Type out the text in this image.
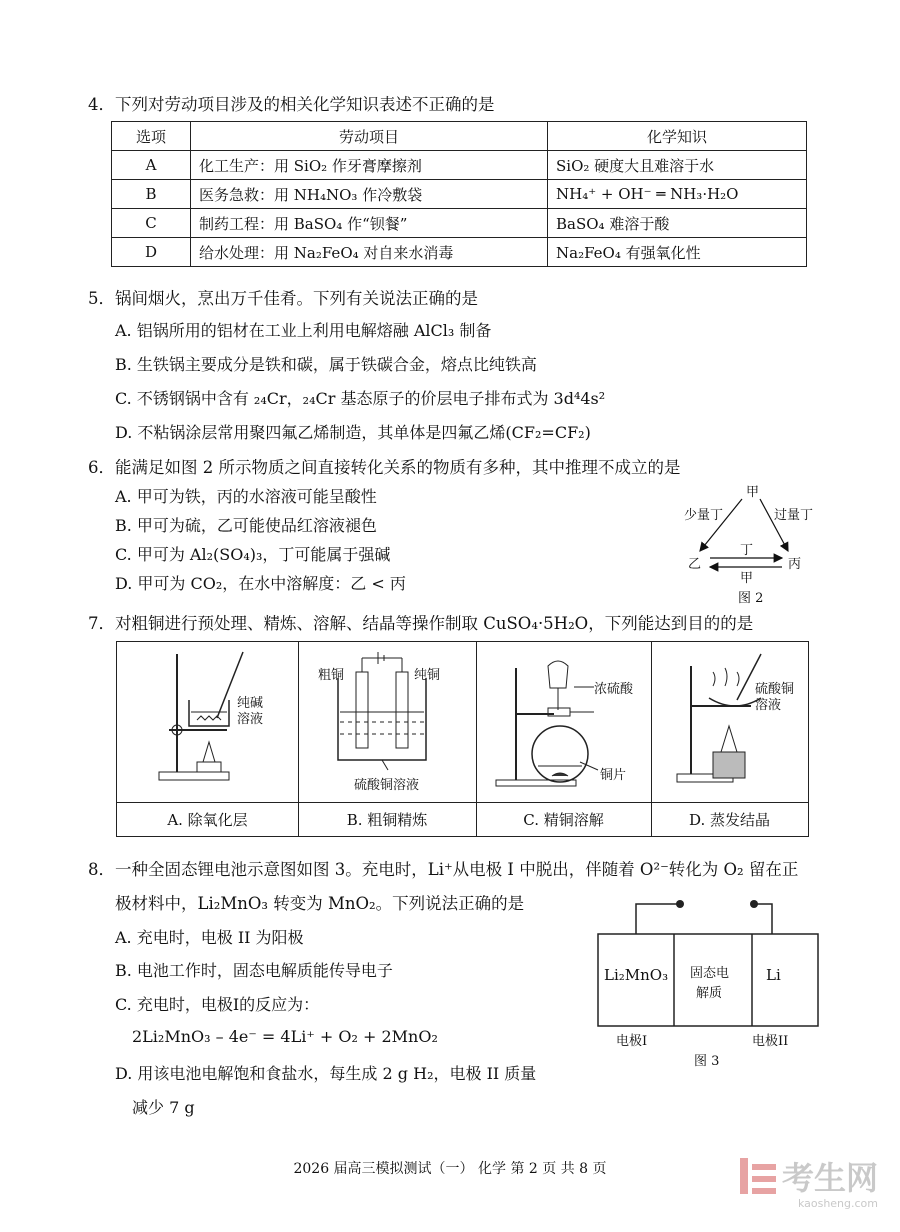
4．下列对劳动项目涉及的相关化学知识表述不正确的是
选项	劳动项目	化学知识
A	化工生产：用 SiO₂ 作牙膏摩擦剂	SiO₂ 硬度大且难溶于水
B	医务急救：用 NH₄NO₃ 作冷敷袋	NH₄⁺ + OH⁻ ═ NH₃·H₂O
C	制药工程：用 BaSO₄ 作“钡餐”	BaSO₄ 难溶于酸
D	给水处理：用 Na₂FeO₄ 对自来水消毒	Na₂FeO₄ 有强氧化性
5．锅间烟火，烹出万千佳肴。下列有关说法正确的是
A. 铝锅所用的铝材在工业上利用电解熔融 AlCl₃ 制备
B. 生铁锅主要成分是铁和碳，属于铁碳合金，熔点比纯铁高
C. 不锈钢锅中含有 ₂₄Cr，₂₄Cr 基态原子的价层电子排布式为 3d⁴4s²
D. 不粘锅涂层常用聚四氟乙烯制造，其单体是四氟乙烯(CF₂=CF₂)
6．能满足如图 2 所示物质之间直接转化关系的物质有多种，其中推理不成立的是
A. 甲可为铁，丙的水溶液可能呈酸性
B. 甲可为硫，乙可能使品红溶液褪色
C. 甲可为 Al₂(SO₄)₃，丁可能属于强碱
D. 甲可为 CO₂，在水中溶解度：乙 < 丙
甲
少量丁	过量丁
丁
乙	丙
甲
图 2
7．对粗铜进行预处理、精炼、溶解、结晶等操作制取 CuSO₄·5H₂O，下列能达到目的的是
纯碱
溶液
A. 除氧化层
粗铜	纯铜
硫酸铜溶液
B. 粗铜精炼
浓硫酸
铜片
C. 精铜溶解
硫酸铜
溶液
D. 蒸发结晶
8．一种全固态锂电池示意图如图 3。充电时，Li⁺从电极 I 中脱出，伴随着 O²⁻转化为 O₂ 留在正
极材料中，Li₂MnO₃ 转变为 MnO₂。下列说法正确的是
A. 充电时，电极 II 为阳极
B. 电池工作时，固态电解质能传导电子
C. 充电时，电极I的反应为：
2Li₂MnO₃ – 4e⁻ = 4Li⁺ + O₂ + 2MnO₂
D. 用该电池电解饱和食盐水，每生成 2 g H₂，电极 II 质量
减少 7 g
Li₂MnO₃ 固态电
解质
Li
电极I	电极II
图 3
2026 届高三模拟测试（一） 化学 第 2 页 共 8 页	考生网
kaosheng.com
